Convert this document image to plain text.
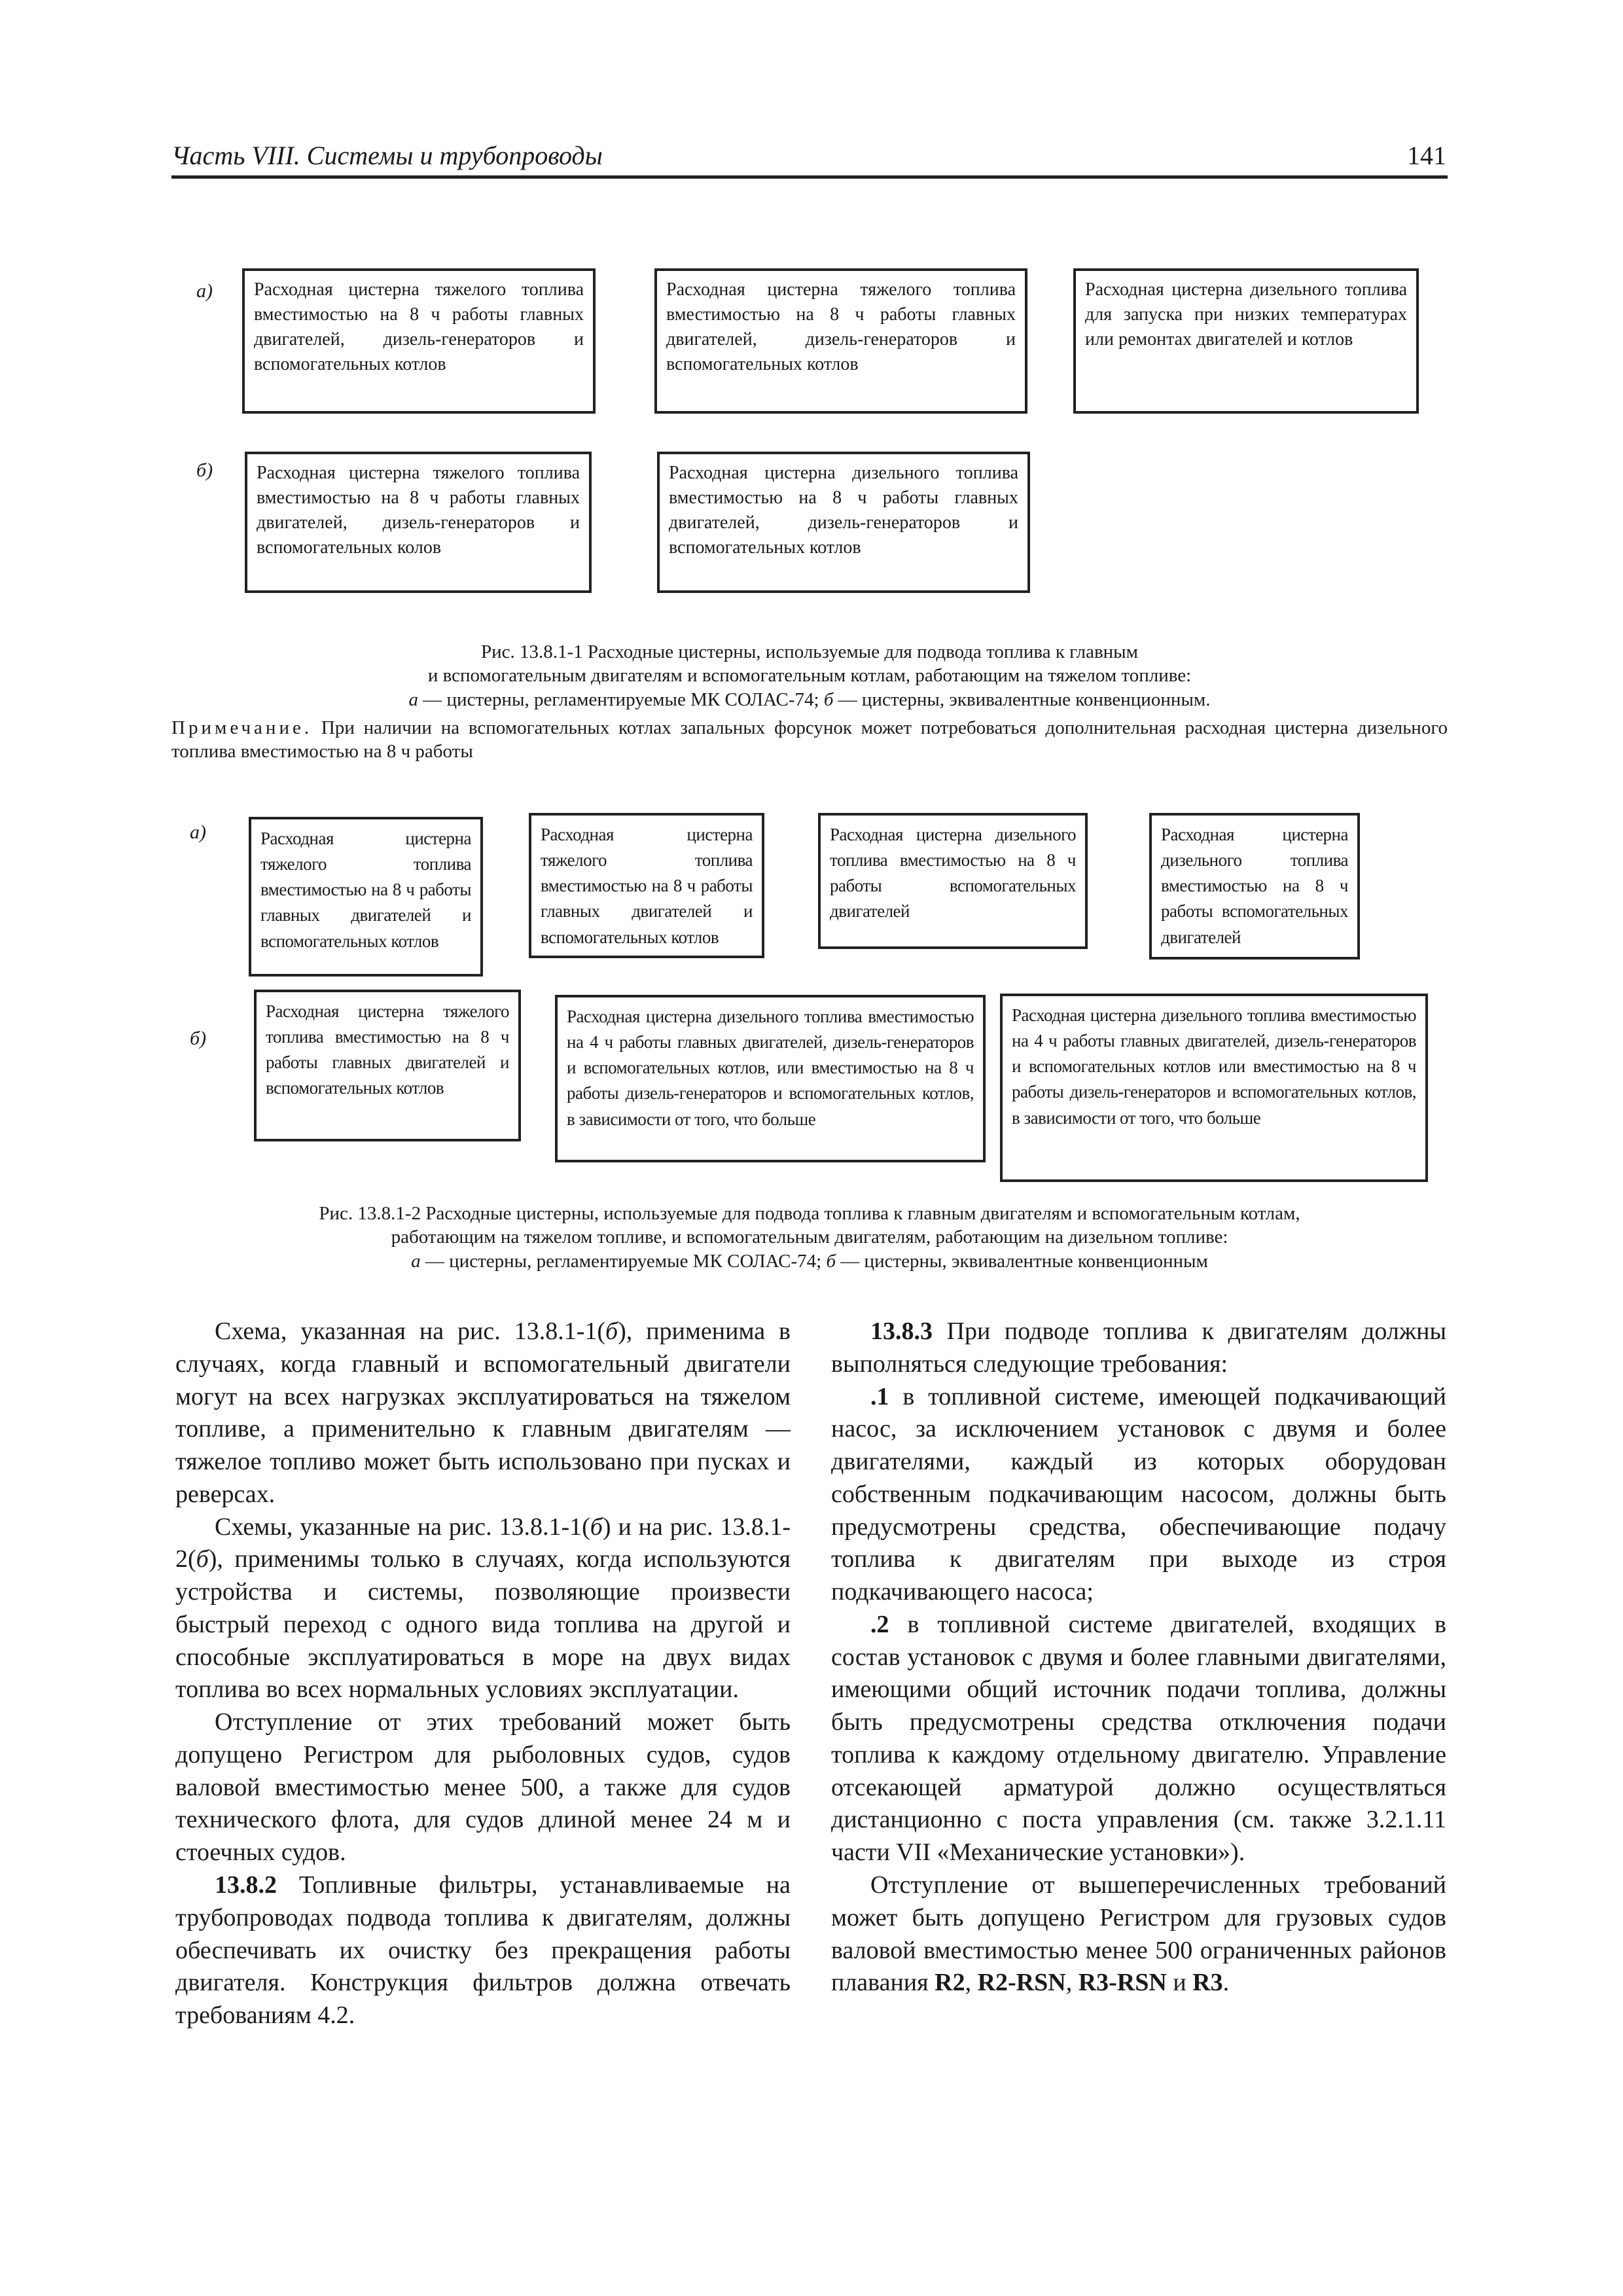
Часть VIII. Системы и трубопроводы	141
а)	Расходная цистерна тяжелого топлива вместимостью на 8 ч работы главных двигателей, дизель-генераторов и вспомогательных котлов
Расходная цистерна тяжелого топлива вместимостью на 8 ч работы главных двигателей, дизель-генераторов и вспомогательных котлов
Расходная цистерна дизельного топлива для запуска при низких температурах или ремонтах двигателей и котлов
б)	Расходная цистерна тяжелого топлива вместимостью на 8 ч работы главных двигателей, дизель-генераторов и вспомогательных колов
Расходная цистерна дизельного топлива вместимостью на 8 ч работы главных двигателей, дизель-генераторов и вспомогательных котлов

Рис. 13.8.1-1 Расходные цистерны, используемые для подвода топлива к главным

и вспомогательным двигателям и вспомогательным котлам, работающим на тяжелом топливе:

а — цистерны, регламентируемые МК СОЛАС-74; б — цистерны, эквивалентные конвенционным.

Примечание. При наличии на вспомогательных котлах запальных форсунок может потребоваться дополнительная расходная цистерна дизельного топлива вместимостью на 8 ч работы
а)	Расходная цистерна тяжелого топлива вместимостью на 8 ч работы главных двигателей и вспомогательных котлов
Расходная цистерна тяжелого топлива вместимостью на 8 ч работы главных двигателей и вспомогательных котлов
Расходная цистерна дизельного топлива вместимостью на 8 ч работы вспомогательных двигателей
Расходная цистерна дизельного топлива вместимостью на 8 ч работы вспомогательных двигателей
б)
Расходная цистерна тяжелого топлива вместимостью на 8 ч работы главных двигателей и вспомогательных котлов
Расходная цистерна дизельного топлива вместимостью на 4 ч работы главных двигателей, дизель-генераторов и вспомогательных котлов, или вместимостью на 8 ч работы дизель-генераторов и вспомогательных котлов, в зависимости от того, что больше
Расходная цистерна дизельного топлива вместимостью на 4 ч работы главных двигателей, дизель-генераторов и вспомогательных котлов или вместимостью на 8 ч работы дизель-генераторов и вспомогательных котлов, в зависимости от того, что больше

Рис. 13.8.1-2 Расходные цистерны, используемые для подвода топлива к главным двигателям и вспомогательным котлам,

работающим на тяжелом топливе, и вспомогательным двигателям, работающим на дизельном топливе:

а — цистерны, регламентируемые МК СОЛАС-74; б — цистерны, эквивалентные конвенционным

Схема, указанная на рис. 13.8.1-1(б), применима в случаях, когда главный и вспомогательный двигатели могут на всех нагрузках эксплуатироваться на тяжелом топливе, а применительно к главным двигателям — тяжелое топливо может быть использовано при пусках и реверсах.

Схемы, указанные на рис. 13.8.1-1(б) и на рис. 13.8.1-2(б), применимы только в случаях, когда используются устройства и системы, позволяющие произвести быстрый переход с одного вида топлива на другой и способные эксплуатироваться в море на двух видах топлива во всех нормальных условиях эксплуатации.

Отступление от этих требований может быть допущено Регистром для рыболовных судов, судов валовой вместимостью менее 500, а также для судов технического флота, для судов длиной менее 24 м и стоечных судов.

13.8.2 Топливные фильтры, устанавливаемые на трубопроводах подвода топлива к двигателям, должны обеспечивать их очистку без прекращения работы двигателя. Конструкция фильтров должна отвечать требованиям 4.2.

13.8.3 При подводе топлива к двигателям должны выполняться следующие требования:

.1 в топливной системе, имеющей подкачивающий насос, за исключением установок с двумя и более двигателями, каждый из которых оборудован собственным подкачивающим насосом, должны быть предусмотрены средства, обеспечивающие подачу топлива к двигателям при выходе из строя подкачивающего насоса;

.2 в топливной системе двигателей, входящих в состав установок с двумя и более главными двигателями, имеющими общий источник подачи топлива, должны быть предусмотрены средства отключения подачи топлива к каждому отдельному двигателю. Управление отсекающей арматурой должно осуществляться дистанционно с поста управления (см. также 3.2.1.11 части VII «Механические установки»).

Отступление от вышеперечисленных требований может быть допущено Регистром для грузовых судов валовой вместимостью менее 500 ограниченных районов плавания R2, R2-RSN, R3-RSN и R3.
